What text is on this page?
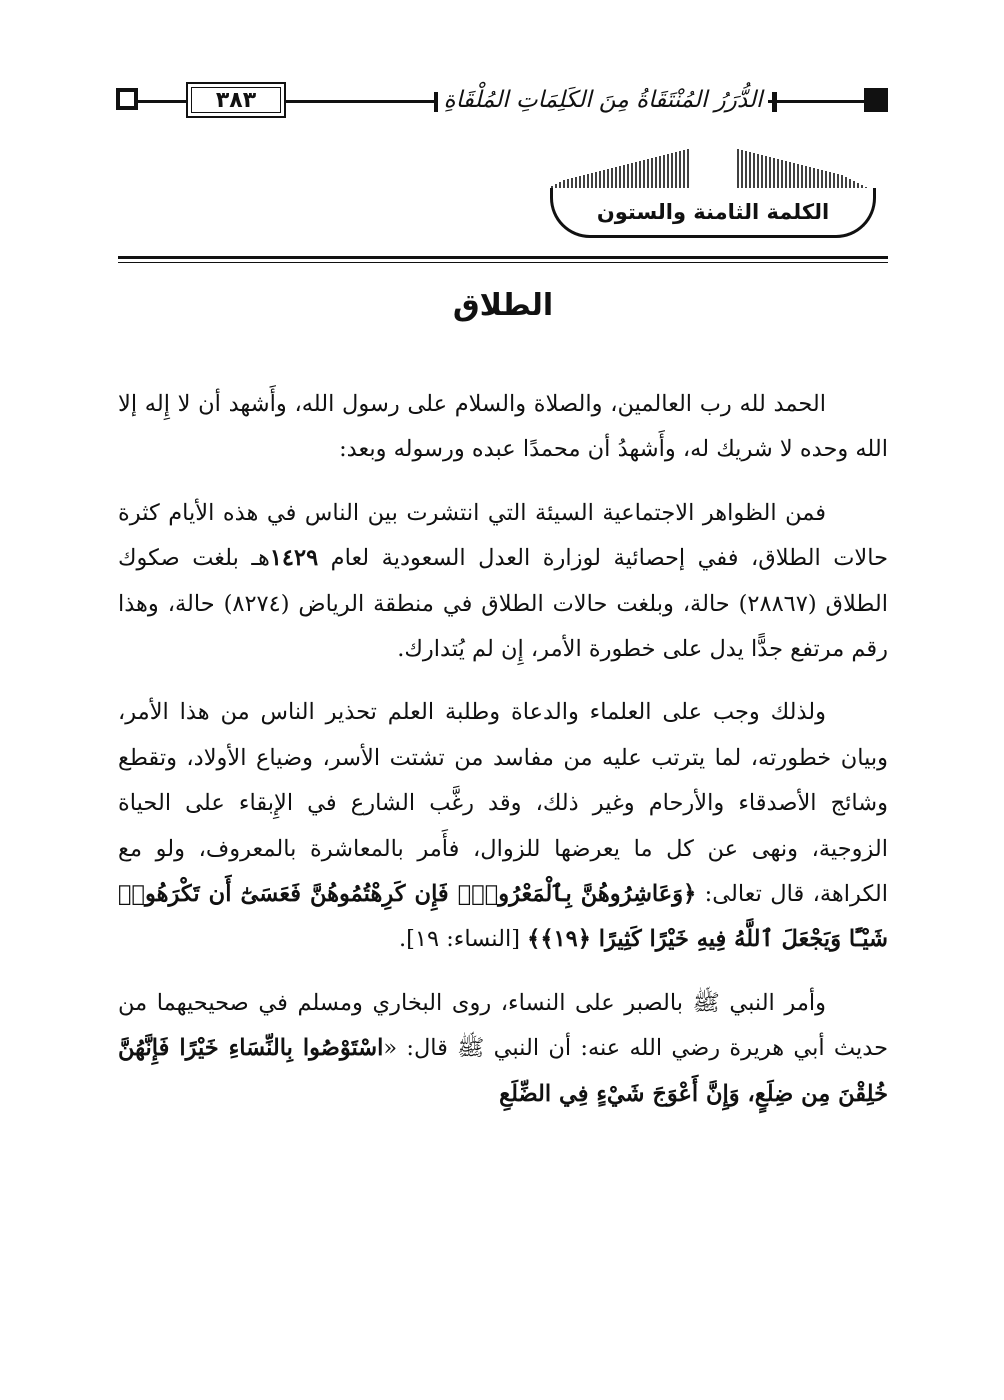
٣٨٣	الدُّرَرُ المُنْتَقَاةُ مِنَ الكَلِمَاتِ المُلْقَاةِ
الكلمة الثامنة والستون
الطلاق

الحمد لله رب العالمين، والصلاة والسلام على رسول الله، وأَشهد أن لا إِله إلا الله وحده لا شريك له، وأَشهدُ أن محمدًا عبده ورسوله وبعد:

فمن الظواهر الاجتماعية السيئة التي انتشرت بين الناس في هذه الأيام كثرة حالات الطلاق، ففي إحصائية لوزارة العدل السعودية لعام ١٤٢٩هـ بلغت صكوك الطلاق (٢٨٨٦٧) حالة، وبلغت حالات الطلاق في منطقة الرياض (٨٢٧٤) حالة، وهذا رقم مرتفع جدًّا يدل على خطورة الأمر، إِن لم يُتدارك.

ولذلك وجب على العلماء والدعاة وطلبة العلم تحذير الناس من هذا الأمر، وبيان خطورته، لما يترتب عليه من مفاسد من تشتت الأسر، وضياع الأولاد، وتقطع وشائج الأصدقاء والأرحام وغير ذلك، وقد رغَّب الشارع في الإِبقاء على الحياة الزوجية، ونهى عن كل ما يعرضها للزوال، فأَمر بالمعاشرة بالمعروف، ولو مع الكراهة، قال تعالى: ﴿وَعَاشِرُوهُنَّ بِٱلْمَعْرُوفِۚ فَإِن كَرِهْتُمُوهُنَّ فَعَسَىٰٓ أَن تَكْرَهُوا۟ شَيْـًٔا وَيَجْعَلَ ٱللَّهُ فِيهِ خَيْرًا كَثِيرًا ﴿١٩﴾﴾ [النساء: ١٩].

وأمر النبي ﷺ بالصبر على النساء، روى البخاري ومسلم في صحيحيهما من حديث أبي هريرة رضي الله عنه: أن النبي ﷺ قال: «اسْتَوْصُوا بِالنِّسَاءِ خَيْرًا فَإِنَّهُنَّ خُلِقْنَ مِن ضِلَعٍ، وَإِنَّ أَعْوَجَ شَيْءٍ فِي الضِّلَعِ
